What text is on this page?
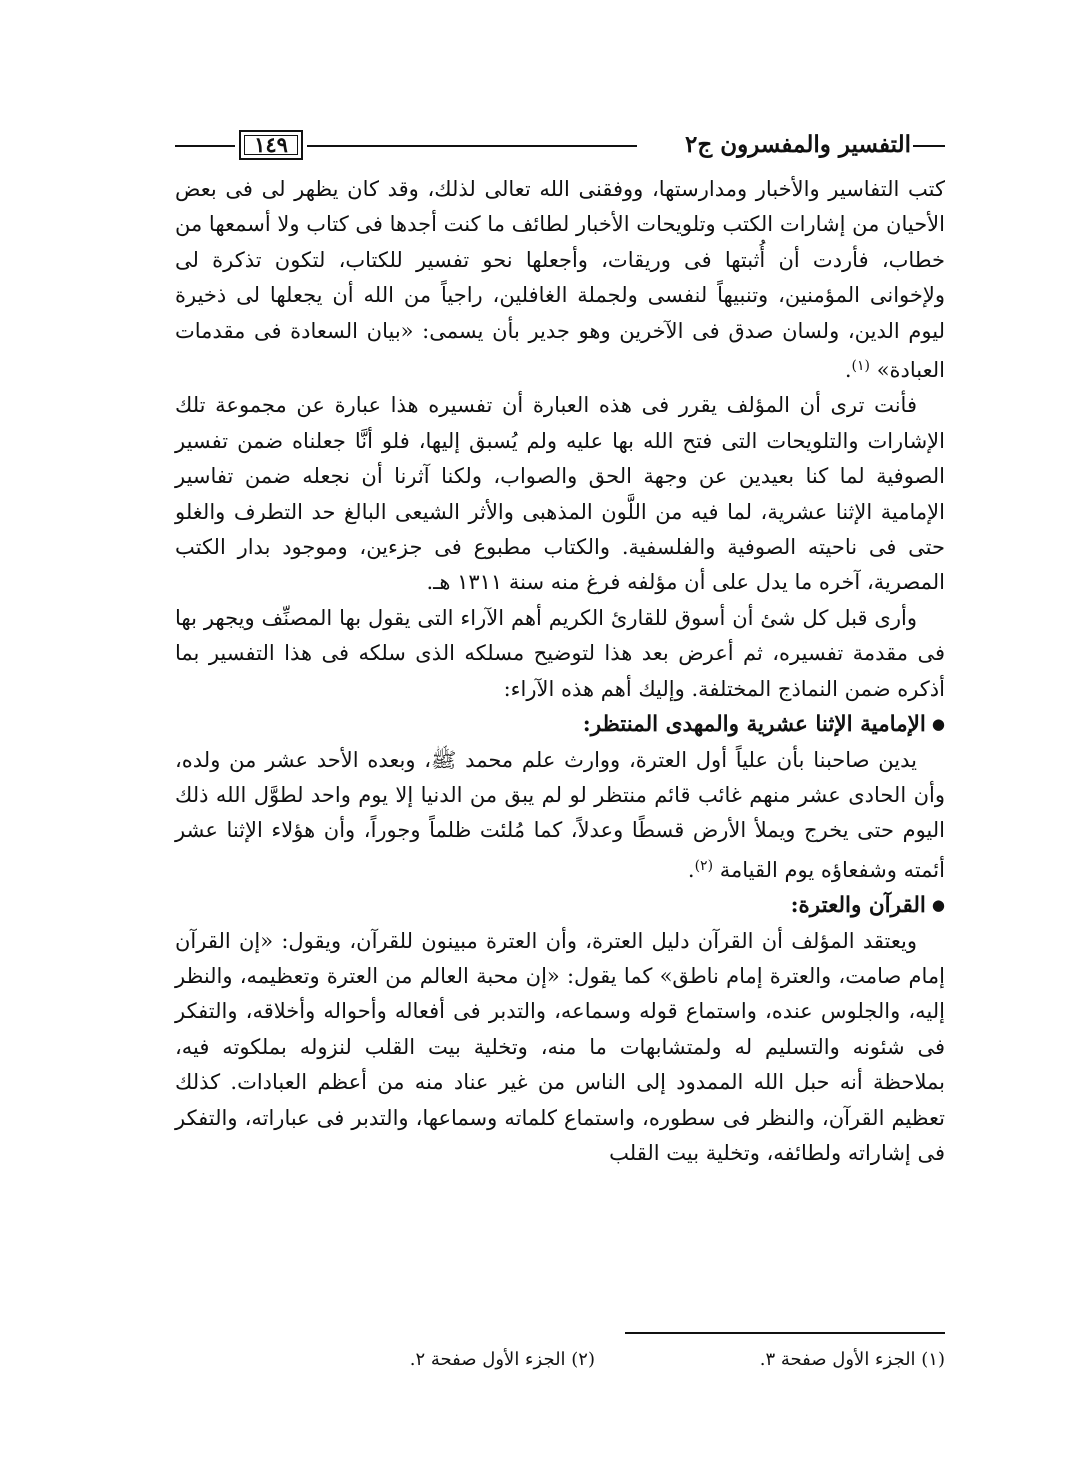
١٤٩	التفسير والمفسرون ج٢

كتب التفاسير والأخبار ومدارستها، ووفقنى الله تعالى لذلك، وقد كان يظهر لى فى بعض الأحيان من إشارات الكتب وتلويحات الأخبار لطائف ما كنت أجدها فى كتاب ولا أسمعها من خطاب، فأردت أن أُثبتها فى وريقات، وأجعلها نحو تفسير للكتاب، لتكون تذكرة لى ولإخوانى المؤمنين، وتنبيهاً لنفسى ولجملة الغافلين، راجياً من الله أن يجعلها لى ذخيرة ليوم الدين، ولسان صدق فى الآخرين وهو جدير بأن يسمى: «بيان السعادة فى مقدمات العبادة» $^{(١)}$.

فأنت ترى أن المؤلف يقرر فى هذه العبارة أن تفسيره هذا عبارة عن مجموعة تلك الإشارات والتلويحات التى فتح الله بها عليه ولم يُسبق إليها، فلو أنَّا جعلناه ضمن تفسير الصوفية لما كنا بعيدين عن وجهة الحق والصواب، ولكنا آثرنا أن نجعله ضمن تفاسير الإمامية الإثنا عشرية، لما فيه من اللَّون المذهبى والأثر الشيعى البالغ حد التطرف والغلو حتى فى ناحيته الصوفية والفلسفية. والكتاب مطبوع فى جزءين، وموجود بدار الكتب المصرية، آخره ما يدل على أن مؤلفه فرغ منه سنة ١٣١١ هـ.

وأرى قبل كل شئ أن أسوق للقارئ الكريم أهم الآراء التى يقول بها المصنِّف ويجهر بها فى مقدمة تفسيره، ثم أعرض بعد هذا لتوضيح مسلكه الذى سلكه فى هذا التفسير بما أذكره ضمن النماذج المختلفة. وإليك أهم هذه الآراء:

●الإمامية الإثنا عشرية والمهدى المنتظر:

يدين صاحبنا بأن علياً أول العترة، ووارث علم محمد ﷺ، وبعده الأحد عشر من ولده، وأن الحادى عشر منهم غائب قائم منتظر لو لم يبق من الدنيا إلا يوم واحد لطوَّل الله ذلك اليوم حتى يخرج ويملأ الأرض قسطًا وعدلاً، كما مُلئت ظلماً وجوراً، وأن هؤلاء الإثنا عشر أئمته وشفعاؤه يوم القيامة $^{(٢)}$.

●القرآن والعترة:

ويعتقد المؤلف أن القرآن دليل العترة، وأن العترة مبينون للقرآن، ويقول: «إن القرآن إمام صامت، والعترة إمام ناطق» كما يقول: «إن محبة العالم من العترة وتعظيمه، والنظر إليه، والجلوس عنده، واستماع قوله وسماعه، والتدبر فى أفعاله وأحواله وأخلاقه، والتفكر فى شئونه والتسليم له ولمتشابهات ما منه، وتخلية بيت القلب لنزوله بملكوته فيه، بملاحظة أنه حبل الله الممدود إلى الناس من غير عناد منه من أعظم العبادات. كذلك تعظيم القرآن، والنظر فى سطوره، واستماع كلماته وسماعها، والتدبر فى عباراته، والتفكر فى إشاراته ولطائفه، وتخلية بيت القلب

(١) الجزء الأول صفحة ٣.
(٢) الجزء الأول صفحة ٢.
